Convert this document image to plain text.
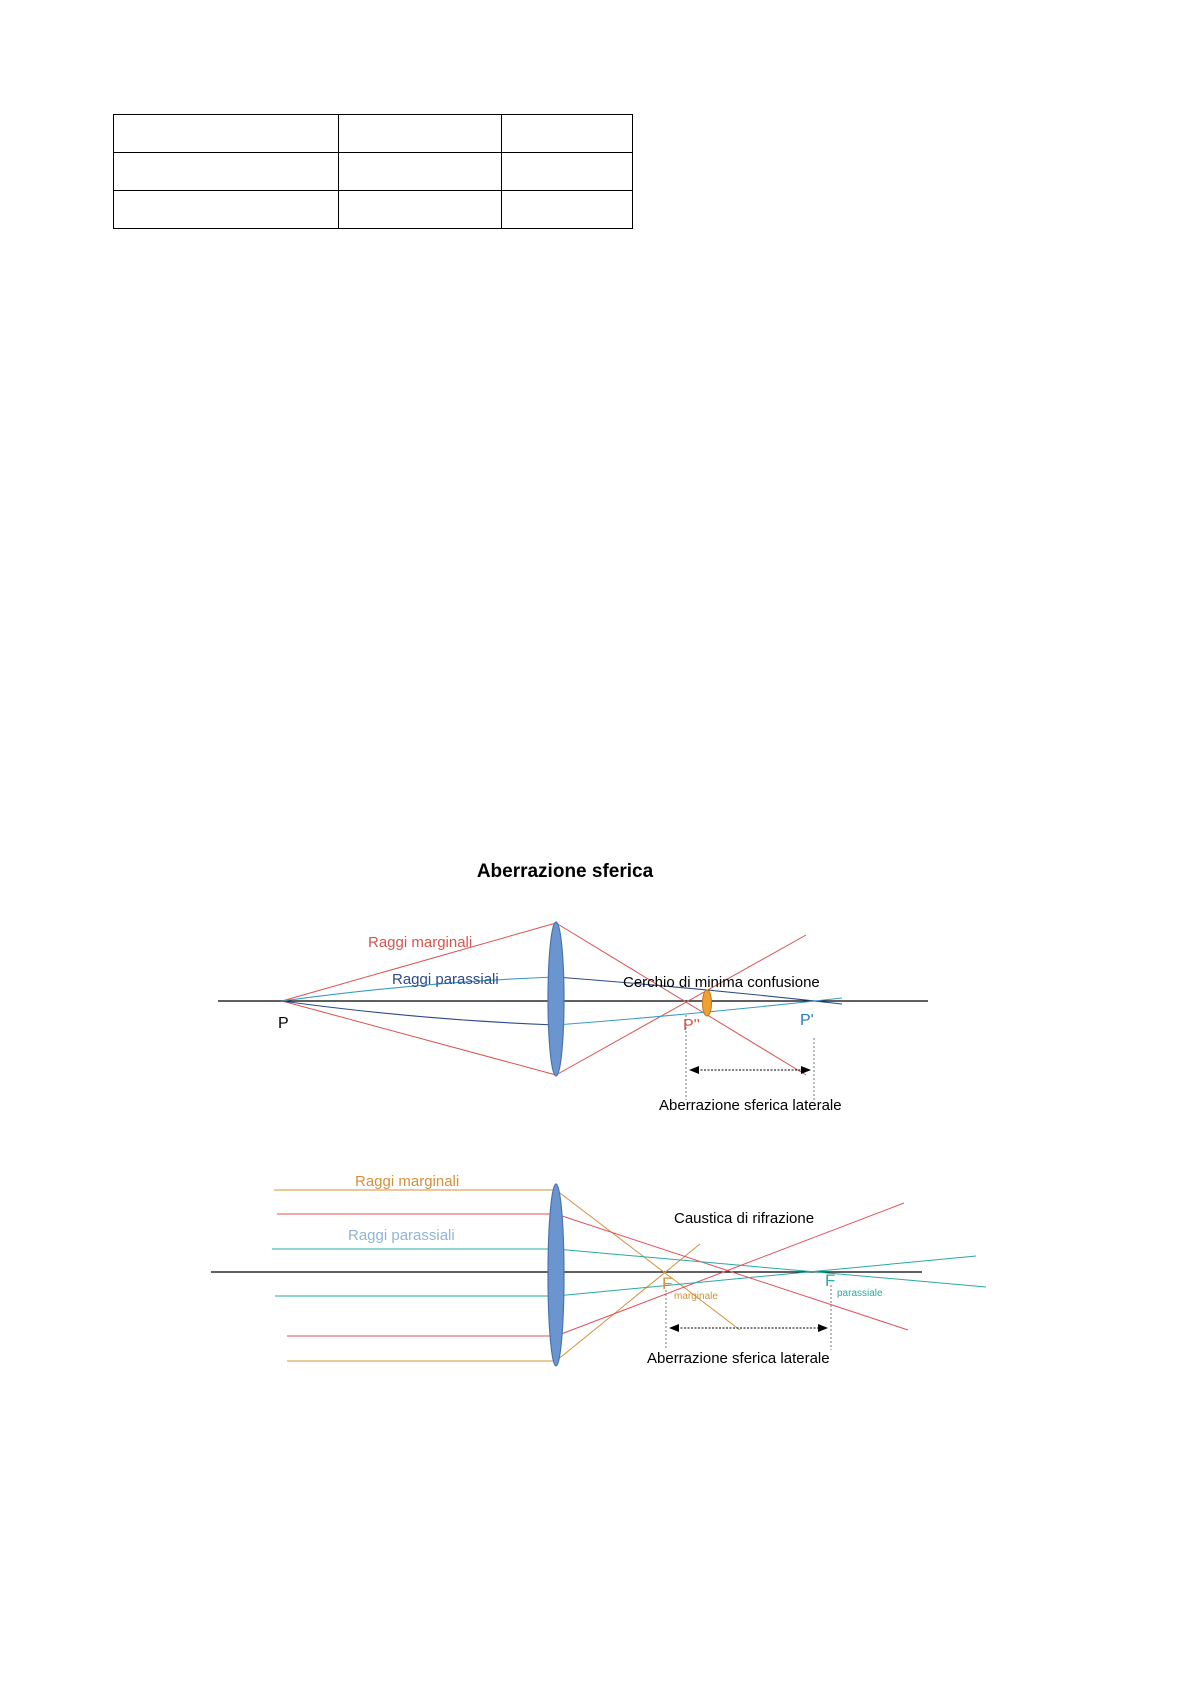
Aberrazione sferica
Raggi marginali
Raggi parassiali	Cerchio di minima confusione
P	P''	P'
Aberrazione sferica laterale
Raggi marginali
Raggi parassiali
Caustica di rifrazione
F
marginale
F
parassiale
Aberrazione sferica laterale
